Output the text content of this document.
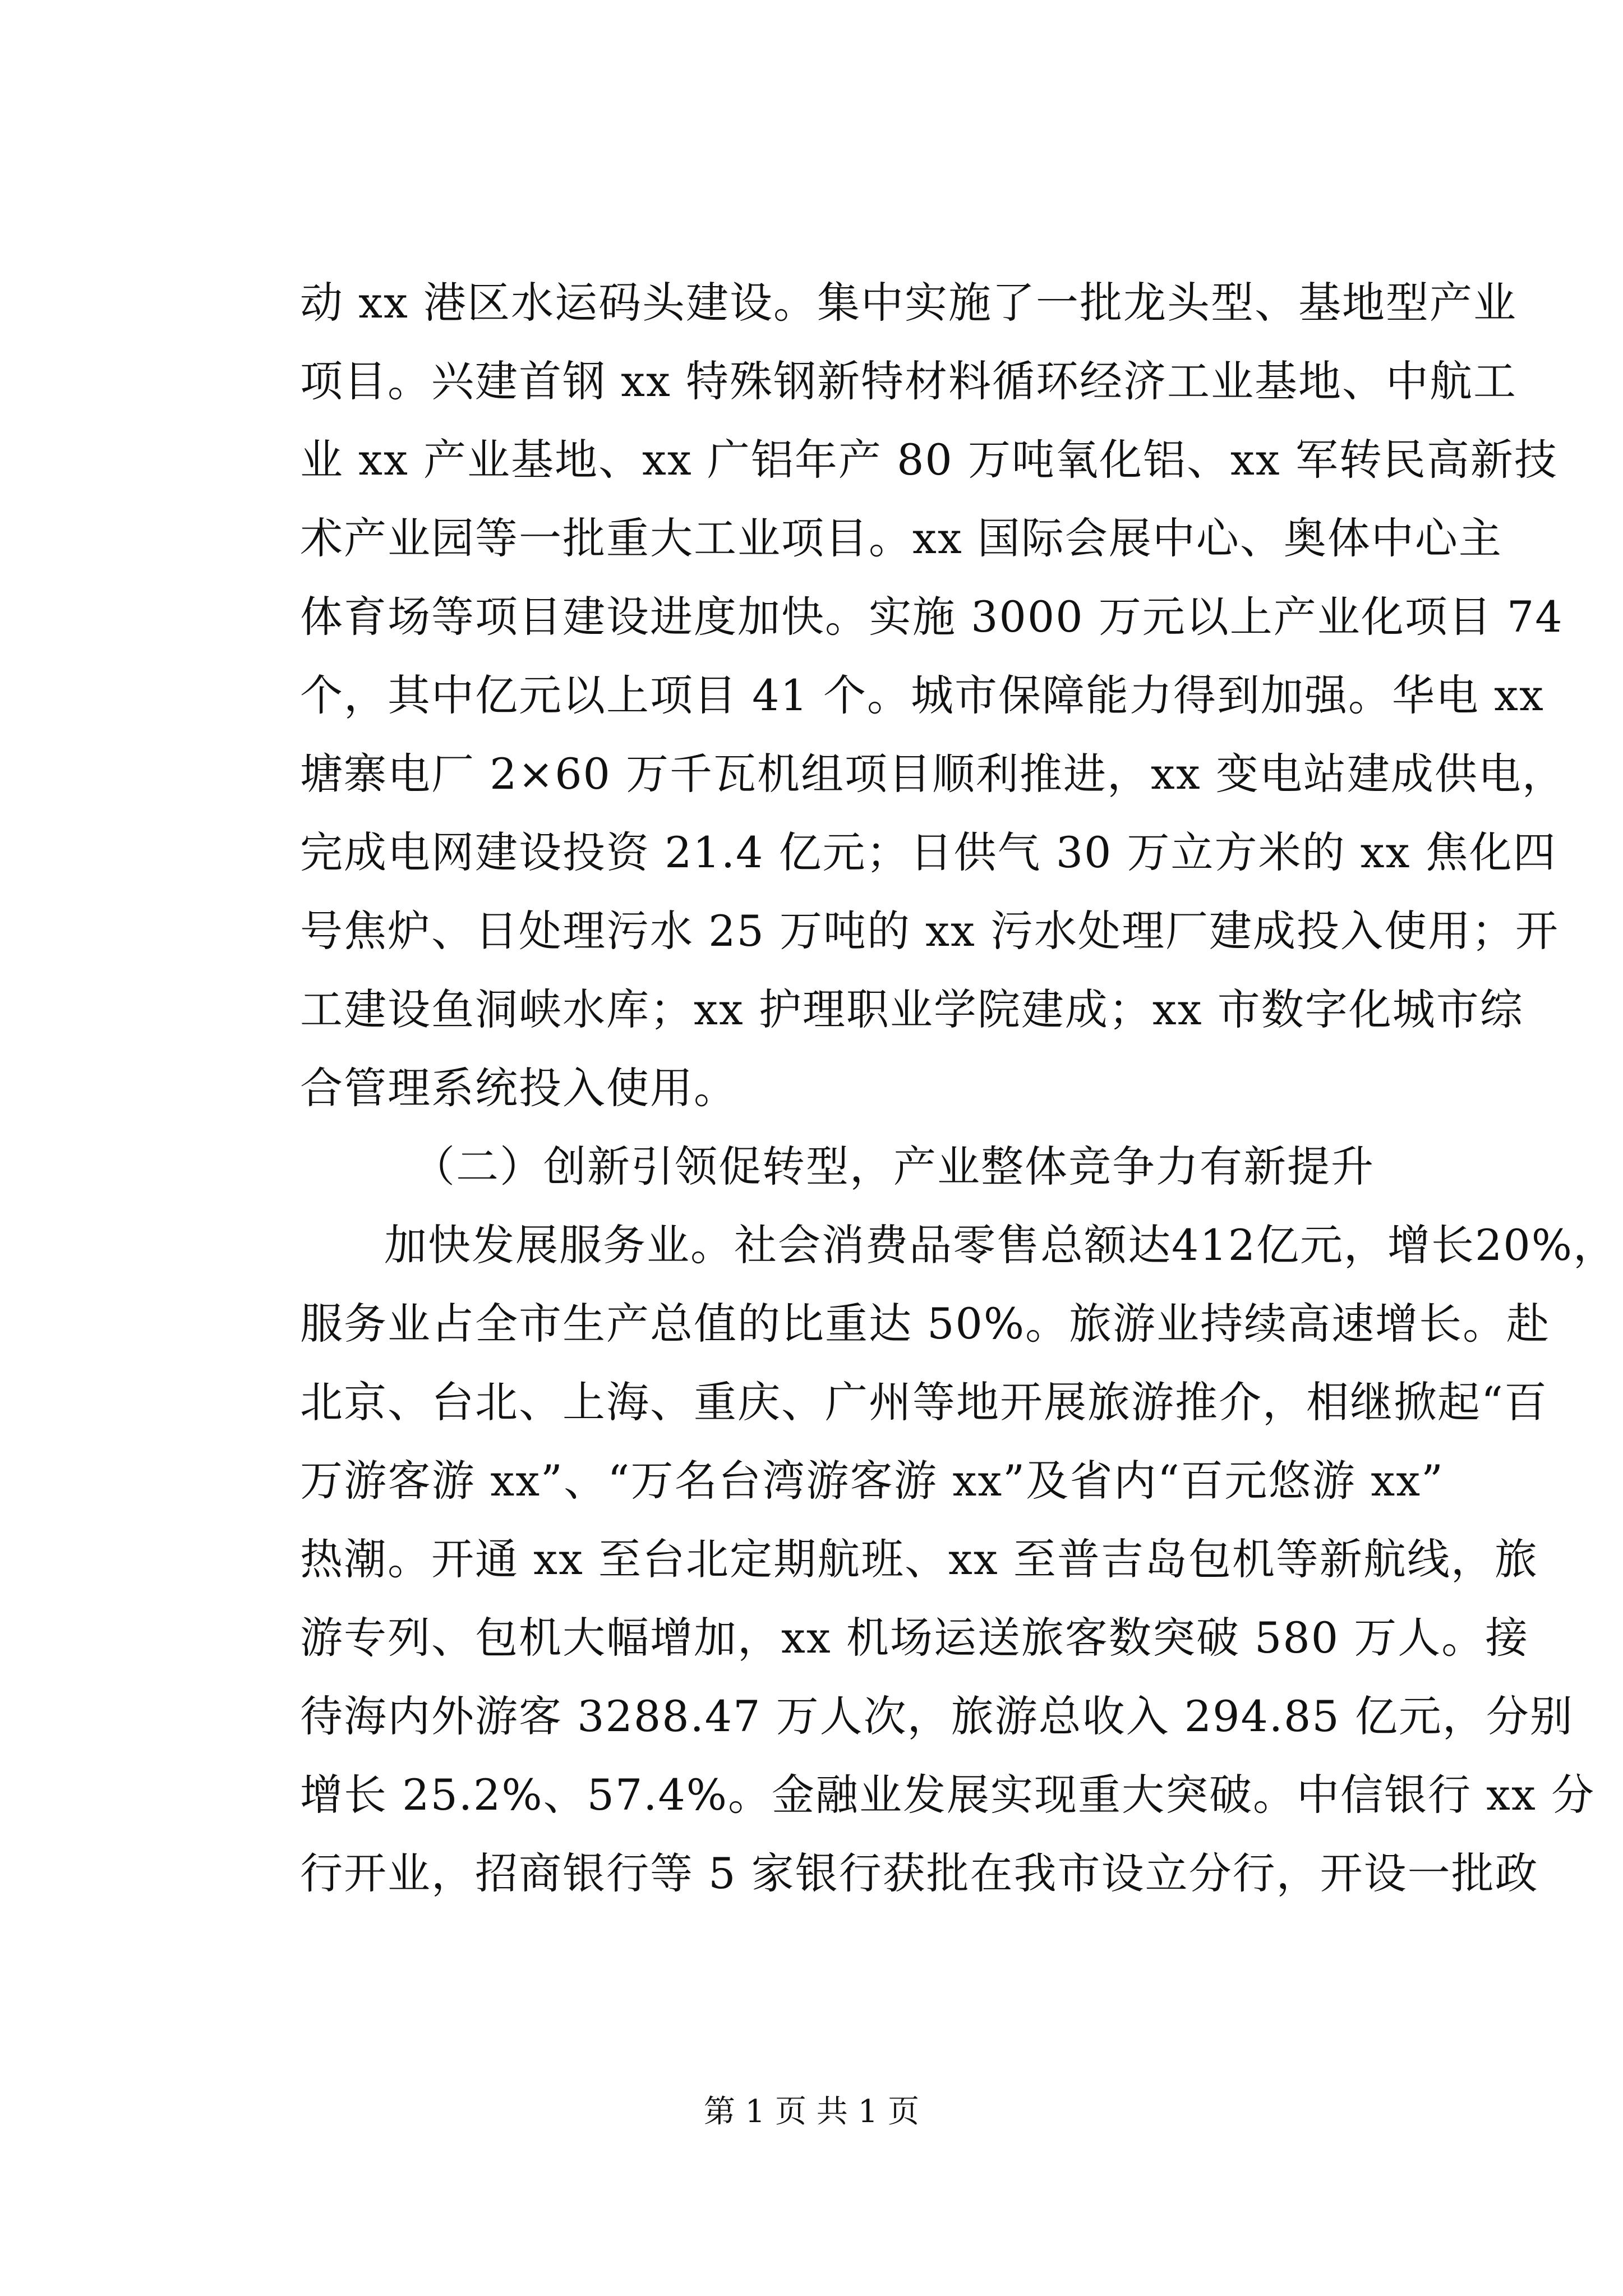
动 xx 港区水运码头建设。集中实施了一批龙头型、基地型产业
项目。兴建首钢 xx 特殊钢新特材料循环经济工业基地、中航工
业 xx 产业基地、xx 广铝年产 80 万吨氧化铝、xx 军转民高新技
术产业园等一批重大工业项目。xx 国际会展中心、奥体中心主
体育场等项目建设进度加快。实施 3000 万元以上产业化项目 74
个，其中亿元以上项目 41 个。城市保障能力得到加强。华电 xx
塘寨电厂 2×60 万千瓦机组项目顺利推进，xx 变电站建成供电，
完成电网建设投资 21.4 亿元；日供气 30 万立方米的 xx 焦化四
号焦炉、日处理污水 25 万吨的 xx 污水处理厂建成投入使用；开
工建设鱼洞峡水库；xx 护理职业学院建成；xx 市数字化城市综
合管理系统投入使用。
（二）创新引领促转型，产业整体竞争力有新提升
加快发展服务业。社会消费品零售总额达412亿元，增长20%，
服务业占全市生产总值的比重达 50%。旅游业持续高速增长。赴
北京、台北、上海、重庆、广州等地开展旅游推介，相继掀起“百
万游客游 xx”、“万名台湾游客游 xx”及省内“百元悠游 xx”
热潮。开通 xx 至台北定期航班、xx 至普吉岛包机等新航线，旅
游专列、包机大幅增加，xx 机场运送旅客数突破 580 万人。接
待海内外游客 3288.47 万人次，旅游总收入 294.85 亿元，分别
增长 25.2%、57.4%。金融业发展实现重大突破。中信银行 xx 分
行开业，招商银行等 5 家银行获批在我市设立分行，开设一批政
第 1 页 共 1 页
